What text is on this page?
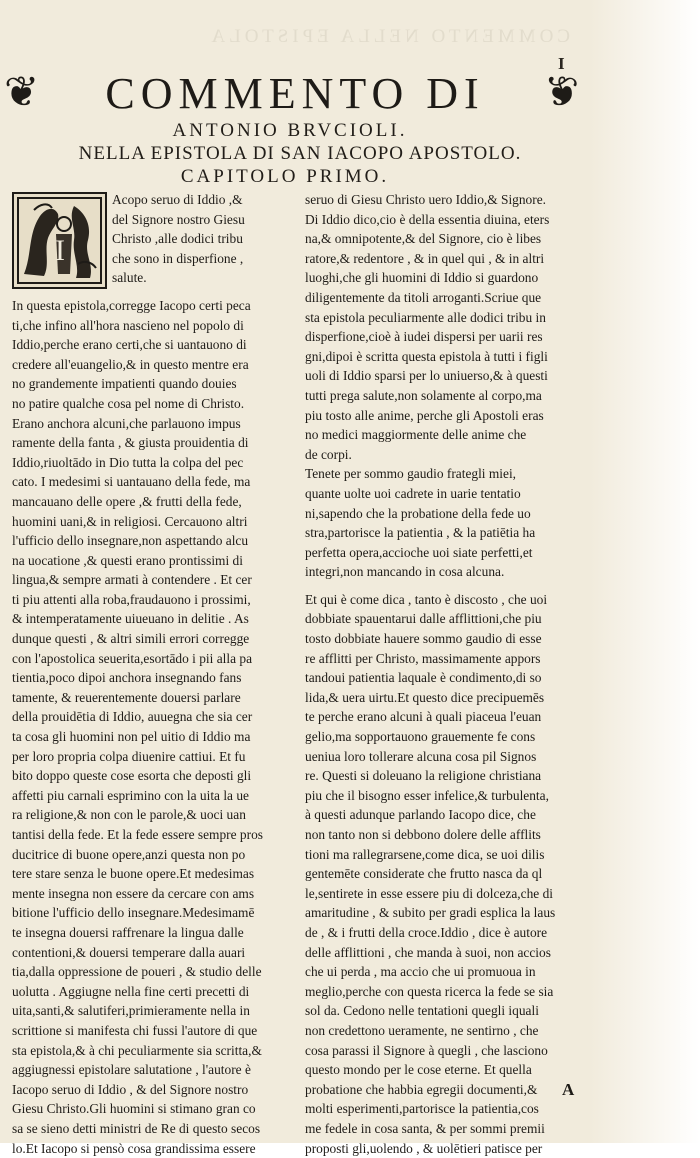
COMMENTO NELLA EPISTOLA
I
❦	COMMENTO DI	❦
ANTONIO BRVCIOLI.
NELLA EPISTOLA DI SAN IACOPO APOSTOLO.
CAPITOLO PRIMO.
I
Acopo seruo di Iddio ,&
del Signore nostro Giesu
Christo ,alle dodici tribu
che sono in disperfione ,
salute.
In questa epistola,corregge Iacopo certi peca
ti,che infino all'hora nascieno nel popolo di
Iddio,perche erano certi,che si uantauono di
credere all'euangelio,& in questo mentre era
no grandemente impatienti quando douies
no patire qualche cosa pel nome di Christo.
Erano anchora alcuni,che parlauono impus
ramente della fanta , & giusta prouidentia di
Iddio,riuoltādo in Dio tutta la colpa del pec
cato. I medesimi si uantauano della fede, ma
mancauano delle opere ,& frutti della fede,
huomini uani,& in religiosi. Cercauono altri
l'ufficio dello insegnare,non aspettando alcu
na uocatione ,& questi erano prontissimi di
lingua,& sempre armati à contendere . Et cer
ti piu attenti alla roba,fraudauono i prossimi,
& intemperatamente uiueuano in delitie . As
dunque questi , & altri simili errori corregge
con l'apostolica seuerita,esortādo i pii alla pa
tientia,poco dipoi anchora insegnando fans
tamente, & reuerentemente douersi parlare
della prouidētia di Iddio, auuegna che sia cer
ta cosa gli huomini non pel uitio di Iddio ma
per loro propria colpa diuenire cattiui. Et fu
bito doppo queste cose esorta che deposti gli
affetti piu carnali esprimino con la uita la ue
ra religione,& non con le parole,& uoci uan
tantisi della fede. Et la fede essere sempre pros
ducitrice di buone opere,anzi questa non po
tere stare senza le buone opere.Et medesimas
mente insegna non essere da cercare con ams
bitione l'ufficio dello insegnare.Medesimamē
te insegna douersi raffrenare la lingua dalle
contentioni,& douersi temperare dalla auari
tia,dalla oppressione de poueri , & studio delle
uolutta . Aggiugne nella fine certi precetti di
uita,santi,& salutiferi,primieramente nella in
scrittione si manifesta chi fussi l'autore di que
sta epistola,& à chi peculiarmente sia scritta,&
aggiugnessi epistolare salutatione , l'autore è
Iacopo seruo di Iddio , & del Signore nostro
Giesu Christo.Gli huomini si stimano gran co
sa se sieno detti ministri de Re di questo secos
lo.Et Iacopo si pensò cosa grandissima essere
seruo di Giesu Christo uero Iddio,& Signore.
Di Iddio dico,cio è della essentia diuina, eters
na,& omnipotente,& del Signore, cio è libes
ratore,& redentore , & in quel qui , & in altri
luoghi,che gli huomini di Iddio si guardono
diligentemente da titoli arroganti.Scriue que
sta epistola peculiarmente alle dodici tribu in
disperfione,cioè à iudei dispersi per uarii res
gni,dipoi è scritta questa epistola à tutti i figli
uoli di Iddio sparsi per lo uniuerso,& à questi
tutti prega salute,non solamente al corpo,ma
piu tosto alle anime, perche gli Apostoli eras
no medici maggiormente delle anime che
de corpi.
Tenete per sommo gaudio frategli miei,
quante uolte uoi cadrete in uarie tentatio
ni,sapendo che la probatione della fede uo
stra,partorisce la patientia , & la patiētia ha
perfetta opera,accioche uoi siate perfetti,et
integri,non mancando in cosa alcuna.
Et qui è come dica , tanto è discosto , che uoi
dobbiate spauentarui dalle afflittioni,che piu
tosto dobbiate hauere sommo gaudio di esse
re afflitti per Christo, massimamente appors
tandoui patientia laquale è condimento,di so
lida,& uera uirtu.Et questo dice precipuemēs
te perche erano alcuni à quali piaceua l'euan
gelio,ma sopportauono grauemente fe cons
ueniua loro tollerare alcuna cosa pil Signos
re. Questi si doleuano la religione christiana
piu che il bisogno esser infelice,& turbulenta,
à questi adunque parlando Iacopo dice, che
non tanto non si debbono dolere delle afflits
tioni ma rallegrarsene,come dica, se uoi dilis
gentemēte considerate che frutto nasca da ql
le,sentirete in esse essere piu di dolceza,che di
amaritudine , & subito per gradi esplica la laus
de , & i frutti della croce.Iddio , dice è autore
delle afflittioni , che manda à suoi, non accios
che ui perda , ma accio che ui promuoua in
meglio,perche con questa ricerca la fede se sia
sol da. Cedono nelle tentationi quegli iquali
non credettono ueramente, ne sentirno , che
cosa parassi il Signore à quegli , che lasciono
questo mondo per le cose eterne. Et quella
probatione che habbia egregii documenti,&
molti esperimenti,partorisce la patientia,cos
me fedele in cosa santa, & per sommi premii
proposti gli,uolendo , & uolētieri patisce per
A
